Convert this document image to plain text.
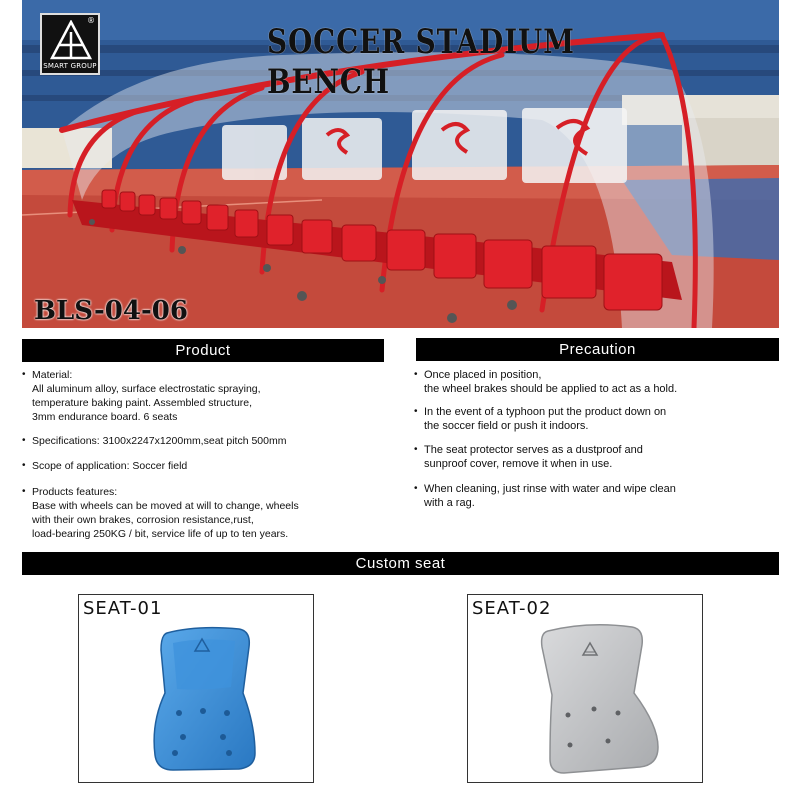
®
SMART GROUP
SOCCER STADIUM BENCH
BLS-04-06
Product
• Material:
All aluminum alloy, surface electrostatic spraying,
temperature baking paint. Assembled structure,
3mm endurance board. 6 seats
• Specifications: 3100x2247x1200mm,seat pitch 500mm
• Scope of application: Soccer field
• Products features:
Base with wheels can be moved at will to change, wheels
with their own brakes, corrosion resistance,rust,
load-bearing 250KG / bit, service life of up to ten years.
Precaution
• Once placed in position,
the wheel brakes should be applied to act as a hold.
• In the event of a typhoon put the product down on
the soccer field or push it indoors.
• The seat protector serves as a dustproof and
sunproof cover, remove it when in use.
• When cleaning, just rinse with water and wipe clean
with a rag.
Custom seat
SEAT-01	SEAT-02
